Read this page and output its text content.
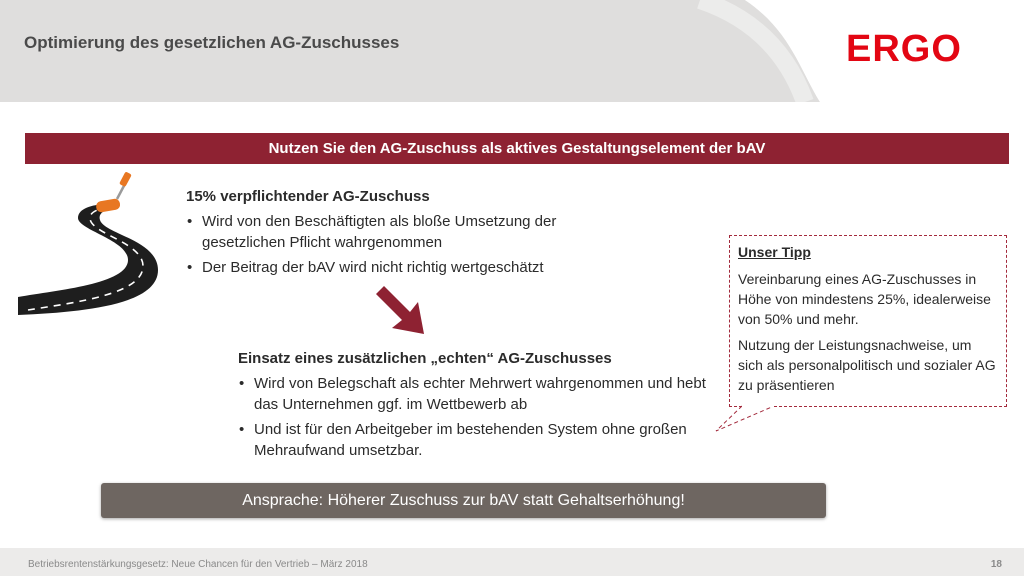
Optimierung des gesetzlichen AG-Zuschusses	ERGO
Nutzen Sie den AG-Zuschuss als aktives Gestaltungselement der bAV
15% verpflichtender AG-Zuschuss
• Wird von den Beschäftigten als bloße Umsetzung der gesetzlichen Pflicht wahrgenommen
• Der Beitrag der bAV wird nicht richtig wertgeschätzt
Einsatz eines zusätzlichen „echten“ AG-Zuschusses
• Wird von Belegschaft als echter Mehrwert wahrgenommen und hebt das Unternehmen ggf. im Wettbewerb ab
• Und ist für den Arbeitgeber im bestehenden System ohne großen Mehraufwand umsetzbar.
Unser Tipp

Vereinbarung eines AG-Zuschusses in Höhe von mindestens 25%, idealerweise von 50% und mehr.

Nutzung der Leistungsnachweise, um sich als personalpolitisch und sozialer AG zu präsentieren

Ansprache: Höherer Zuschuss zur bAV statt Gehaltserhöhung!
Betriebsrentenstärkungsgesetz: Neue Chancen für den Vertrieb – März 2018	18
